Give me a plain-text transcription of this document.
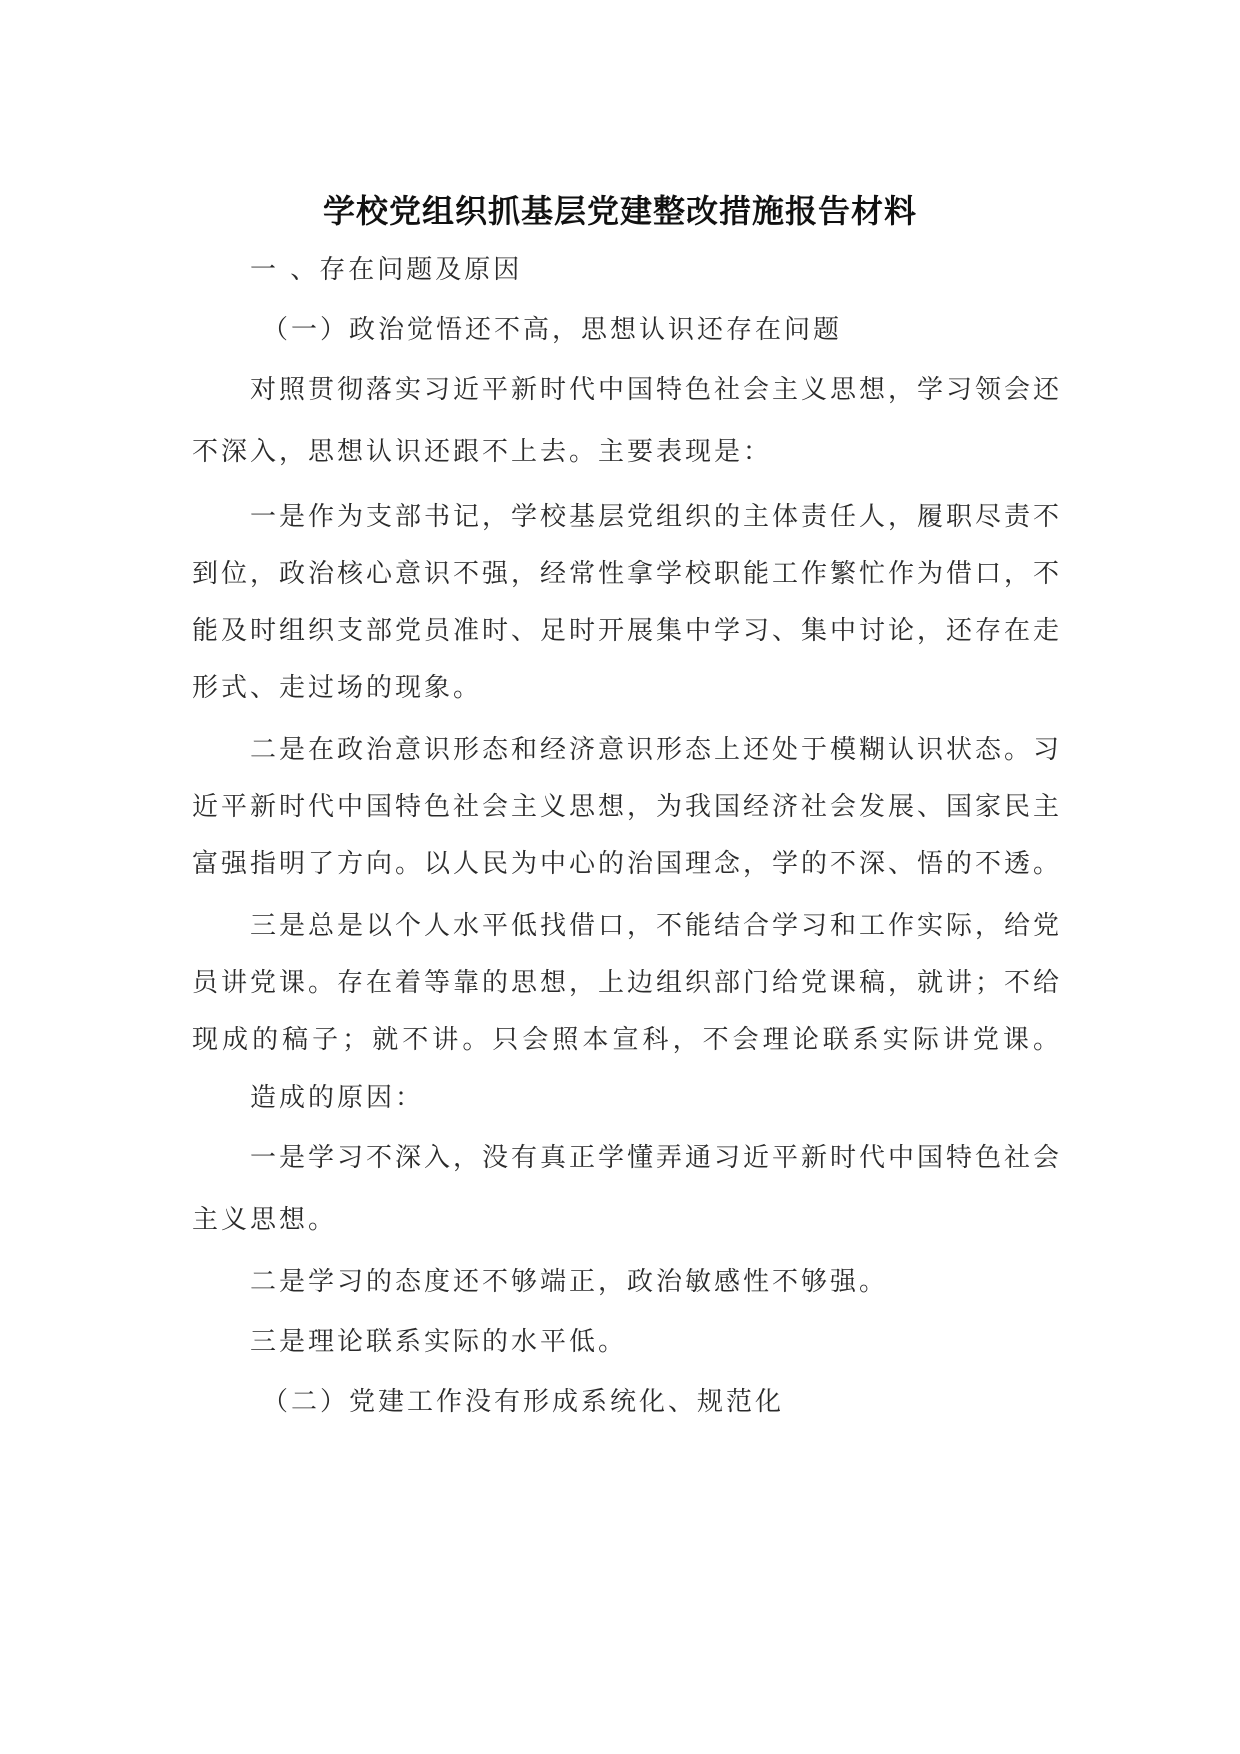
学校党组织抓基层党建整改措施报告材料
一 、存在问题及原因
（一）政治觉悟还不高，思想认识还存在问题
对照贯彻落实习近平新时代中国特色社会主义思想，学习领会还
不深入，思想认识还跟不上去。主要表现是：
一是作为支部书记，学校基层党组织的主体责任人，履职尽责不
到位，政治核心意识不强，经常性拿学校职能工作繁忙作为借口，不
能及时组织支部党员准时、足时开展集中学习、集中讨论，还存在走
形式、走过场的现象。
二是在政治意识形态和经济意识形态上还处于模糊认识状态。习
近平新时代中国特色社会主义思想，为我国经济社会发展、国家民主
富强指明了方向。以人民为中心的治国理念，学的不深、悟的不透。
三是总是以个人水平低找借口，不能结合学习和工作实际，给党
员讲党课。存在着等靠的思想，上边组织部门给党课稿，就讲；不给
现成的稿子；就不讲。只会照本宣科，不会理论联系实际讲党课。
造成的原因：
一是学习不深入，没有真正学懂弄通习近平新时代中国特色社会
主义思想。
二是学习的态度还不够端正，政治敏感性不够强。
三是理论联系实际的水平低。
（二）党建工作没有形成系统化、规范化
